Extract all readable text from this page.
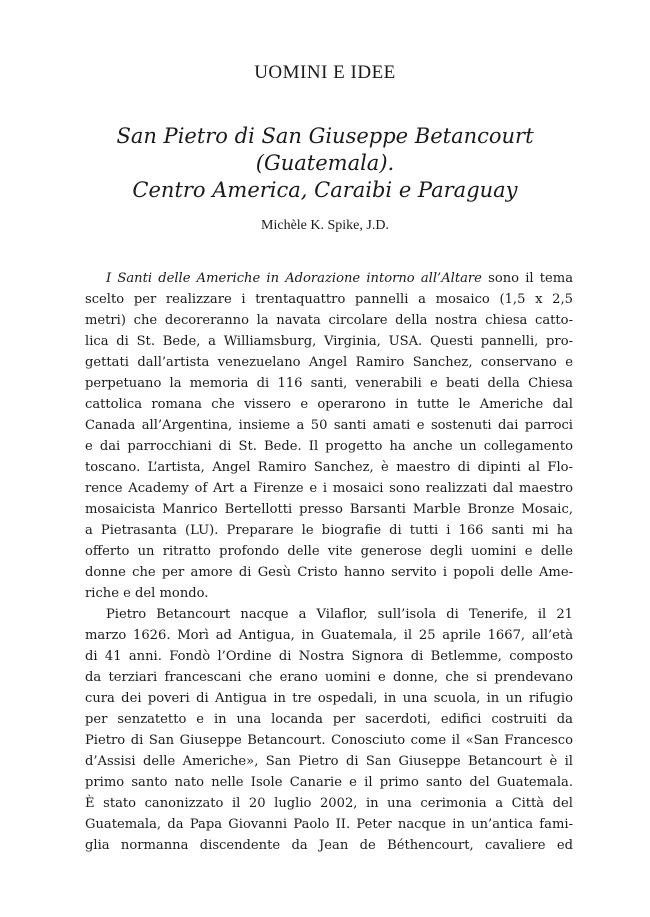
UOMINI E IDEE
San Pietro di San Giuseppe Betancourt
(Guatemala).
Centro America, Caraibi e Paraguay
Michèle K. Spike, J.D.
I Santi delle Americhe in Adorazione intorno all’Altare sono il tema
scelto per realizzare i trentaquattro pannelli a mosaico (1,5 x 2,5
metri) che decoreranno la navata circolare della nostra chiesa catto-
lica di St. Bede, a Williamsburg, Virginia, USA. Questi pannelli, pro-
gettati dall’artista venezuelano Angel Ramiro Sanchez, conservano e
perpetuano la memoria di 116 santi, venerabili e beati della Chiesa
cattolica romana che vissero e operarono in tutte le Americhe dal
Canada all’Argentina, insieme a 50 santi amati e sostenuti dai parroci
e dai parrocchiani di St. Bede. Il progetto ha anche un collegamento
toscano. L’artista, Angel Ramiro Sanchez, è maestro di dipinti al Flo-
rence Academy of Art a Firenze e i mosaici sono realizzati dal maestro
mosaicista Manrico Bertellotti presso Barsanti Marble Bronze Mosaic,
a Pietrasanta (LU). Preparare le biografie di tutti i 166 santi mi ha
offerto un ritratto profondo delle vite generose degli uomini e delle
donne che per amore di Gesù Cristo hanno servito i popoli delle Ame-
riche e del mondo.
Pietro Betancourt nacque a Vilaflor, sull’isola di Tenerife, il 21
marzo 1626. Morì ad Antigua, in Guatemala, il 25 aprile 1667, all’età
di 41 anni. Fondò l’Ordine di Nostra Signora di Betlemme, composto
da terziari francescani che erano uomini e donne, che si prendevano
cura dei poveri di Antigua in tre ospedali, in una scuola, in un rifugio
per senzatetto e in una locanda per sacerdoti, edifici costruiti da
Pietro di San Giuseppe Betancourt. Conosciuto come il «San Francesco
d’Assisi delle Americhe», San Pietro di San Giuseppe Betancourt è il
primo santo nato nelle Isole Canarie e il primo santo del Guatemala.
È stato canonizzato il 20 luglio 2002, in una cerimonia a Città del
Guatemala, da Papa Giovanni Paolo II. Peter nacque in un’antica fami-
glia normanna discendente da Jean de Béthencourt, cavaliere ed
